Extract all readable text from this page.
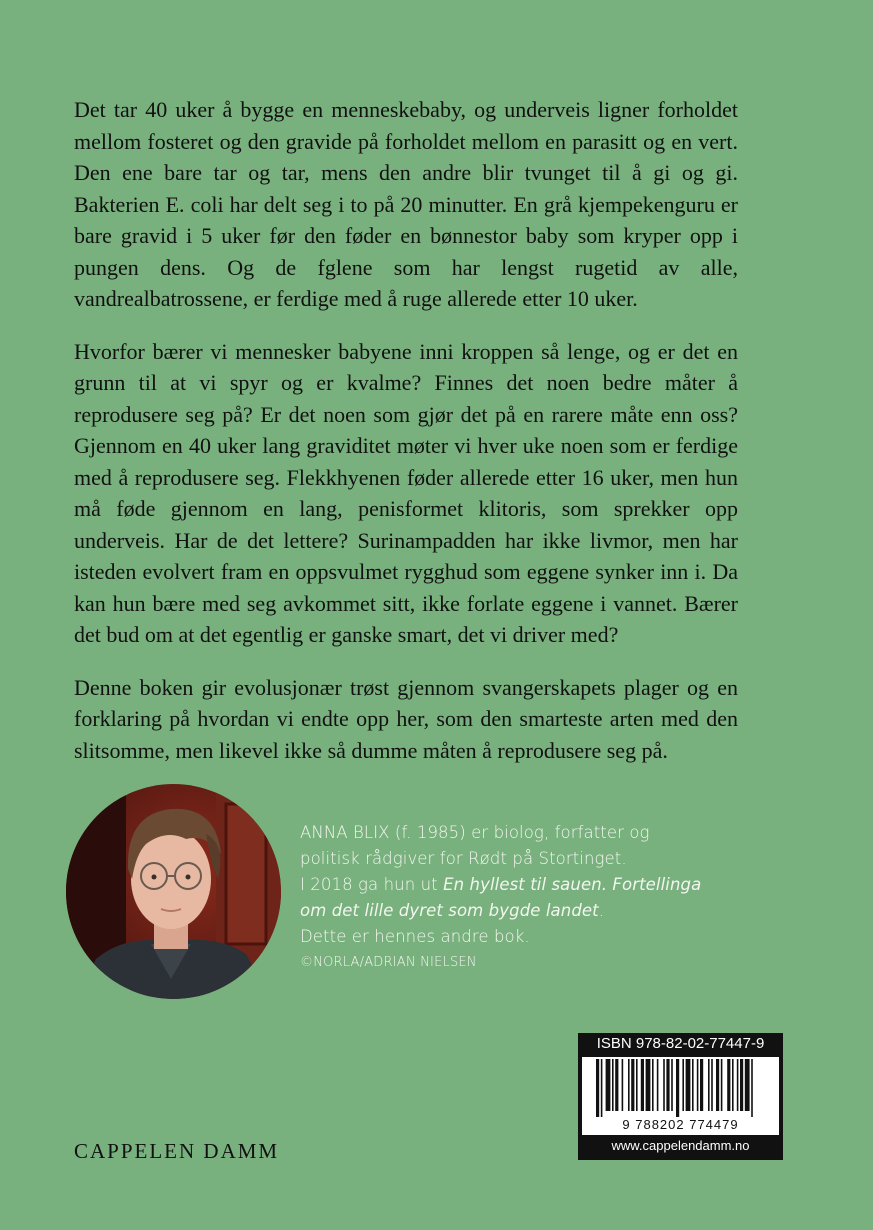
Det tar 40 uker å bygge en menneskebaby, og underveis ligner forholdet mellom fosteret og den gravide på forholdet mellom en parasitt og en vert. Den ene bare tar og tar, mens den andre blir tvunget til å gi og gi. Bakterien E. coli har delt seg i to på 20 minutter. En grå kjempekenguru er bare gravid i 5 uker før den føder en bønnestor baby som kryper opp i pungen dens. Og de fglene som har lengst rugetid av alle, vandrealbatrossene, er ferdige med å ruge allerede etter 10 uker.

Hvorfor bærer vi mennesker babyene inni kroppen så lenge, og er det en grunn til at vi spyr og er kvalme? Finnes det noen bedre måter å reprodusere seg på? Er det noen som gjør det på en rarere måte enn oss? Gjennom en 40 uker lang graviditet møter vi hver uke noen som er ferdige med å reprodusere seg. Flekkhyenen føder allerede etter 16 uker, men hun må føde gjennom en lang, penisformet klitoris, som sprekker opp underveis. Har de det lettere? Surinampadden har ikke livmor, men har isteden evolvert fram en oppsvulmet rygghud som eggene synker inn i. Da kan hun bære med seg avkommet sitt, ikke forlate eggene i vannet. Bærer det bud om at det egentlig er ganske smart, det vi driver med?

Denne boken gir evolusjonær trøst gjennom svangerskapets plager og en forklaring på hvordan vi endte opp her, som den smarteste arten med den slitsomme, men likevel ikke så dumme måten å reprodusere seg på.

ANNA BLIX (f. 1985) er biolog, forfatter og
politisk rådgiver for Rødt på Stortinget.
I 2018 ga hun ut En hyllest til sauen. Fortellinga
om det lille dyret som bygde landet.
Dette er hennes andre bok.
©NORLA/ADRIAN NIELSEN
CAPPELEN DAMM
ISBN 978-82-02-77447-9
9 788202 774479
www.cappelendamm.no
